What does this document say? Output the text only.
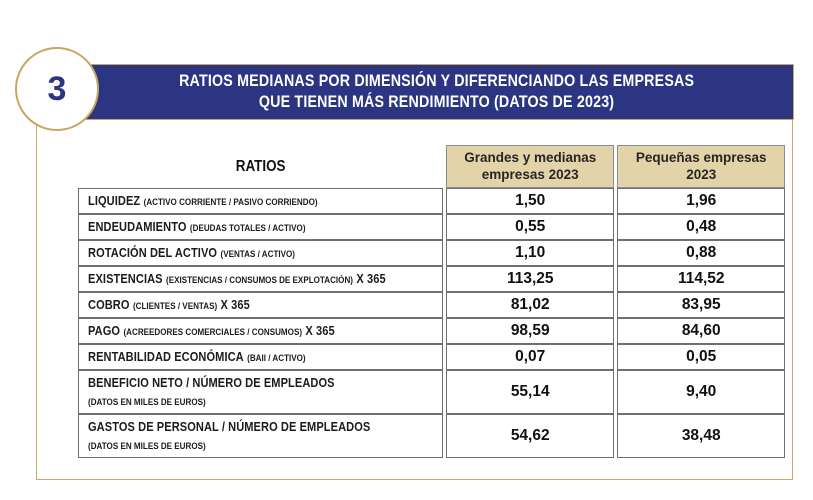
RATIOS MEDIANAS POR DIMENSIÓN Y DIFERENCIANDO LAS EMPRESAS
QUE TIENEN MÁS RENDIMIENTO (DATOS DE 2023)
3
RATIOS	Grandes y medianas empresas 2023	Pequeñas empresas 2023

LIQUIDEZ (ACTIVO CORRIENTE / PASIVO CORRIENDO)	1,50	1,96

ENDEUDAMIENTO (DEUDAS TOTALES / ACTIVO)	0,55	0,48

ROTACIÓN DEL ACTIVO (VENTAS / ACTIVO)	1,10	0,88

EXISTENCIAS (EXISTENCIAS / CONSUMOS DE EXPLOTACIÓN) X 365	113,25	114,52

COBRO (CLIENTES / VENTAS) X 365	81,02	83,95

PAGO (ACREEDORES COMERCIALES / CONSUMOS) X 365	98,59	84,60

RENTABILIDAD ECONÓMICA (BAII / ACTIVO)	0,07	0,05

BENEFICIO NETO / NÚMERO DE EMPLEADOS
(DATOS EN MILES DE EUROS)	55,14	9,40

GASTOS DE PERSONAL / NÚMERO DE EMPLEADOS
(DATOS EN MILES DE EUROS)	54,62	38,48
